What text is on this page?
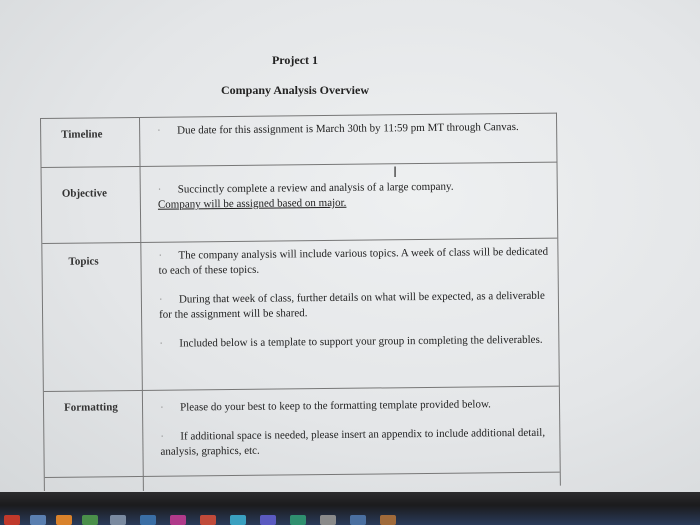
Project 1
Company Analysis Overview
Timeline	· Due date for this assignment is March 30th by 11:59 pm MT through Canvas.

Objective	· Succinctly complete a review and analysis of a large company.

Company will be assigned based on major.

Topics	· The company analysis will include various topics. A week of class will be dedicated to each of these topics.

· During that week of class, further details on what will be expected, as a deliverable for the assignment will be shared.

· Included below is a template to support your group in completing the deliverables.

Formatting	· Please do your best to keep to the formatting template provided below.

· If additional space is needed, please insert an appendix to include additional detail, analysis, graphics, etc.

I
